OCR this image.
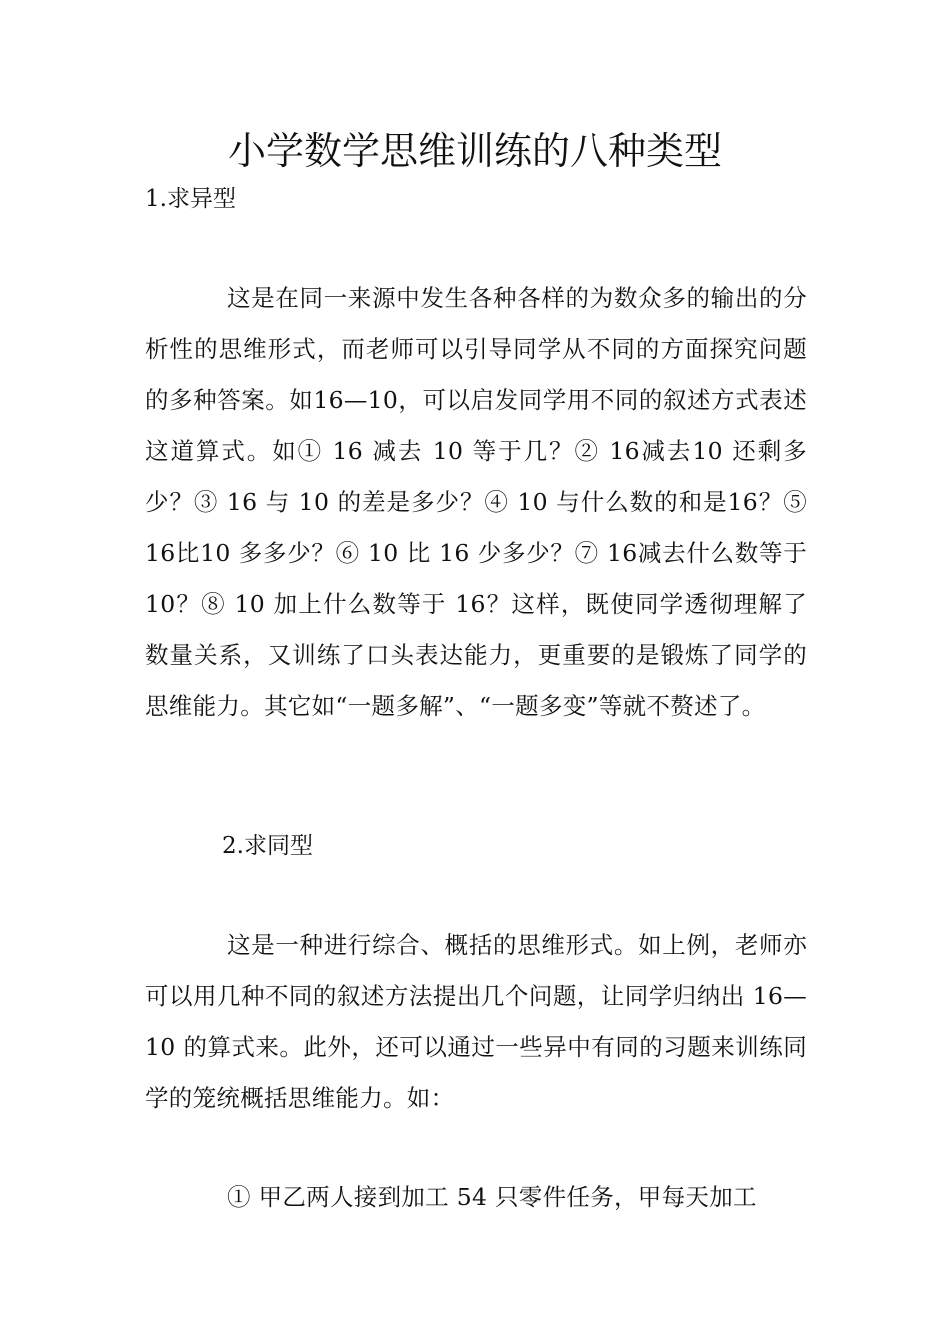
小学数学思维训练的八种类型

1.求异型

这是在同一来源中发生各种各样的为数众多的输出的分析性的思维形式，而老师可以引导同学从不同的方面探究问题的多种答案。如16—10，可以启发同学用不同的叙述方式表述这道算式。如① 16 减去 10 等于几？② 16减去10 还剩多少？③ 16 与 10 的差是多少？④ 10 与什么数的和是16？⑤ 16比10 多多少？⑥ 10 比 16 少多少？⑦ 16减去什么数等于 10？⑧ 10 加上什么数等于 16？这样，既使同学透彻理解了数量关系，又训练了口头表达能力，更重要的是锻炼了同学的思维能力。其它如“一题多解”、“一题多变”等就不赘述了。

2.求同型

这是一种进行综合、概括的思维形式。如上例，老师亦可以用几种不同的叙述方法提出几个问题，让同学归纳出 16—10 的算式来。此外，还可以通过一些异中有同的习题来训练同学的笼统概括思维能力。如：

① 甲乙两人接到加工 54 只零件任务，甲每天加工
